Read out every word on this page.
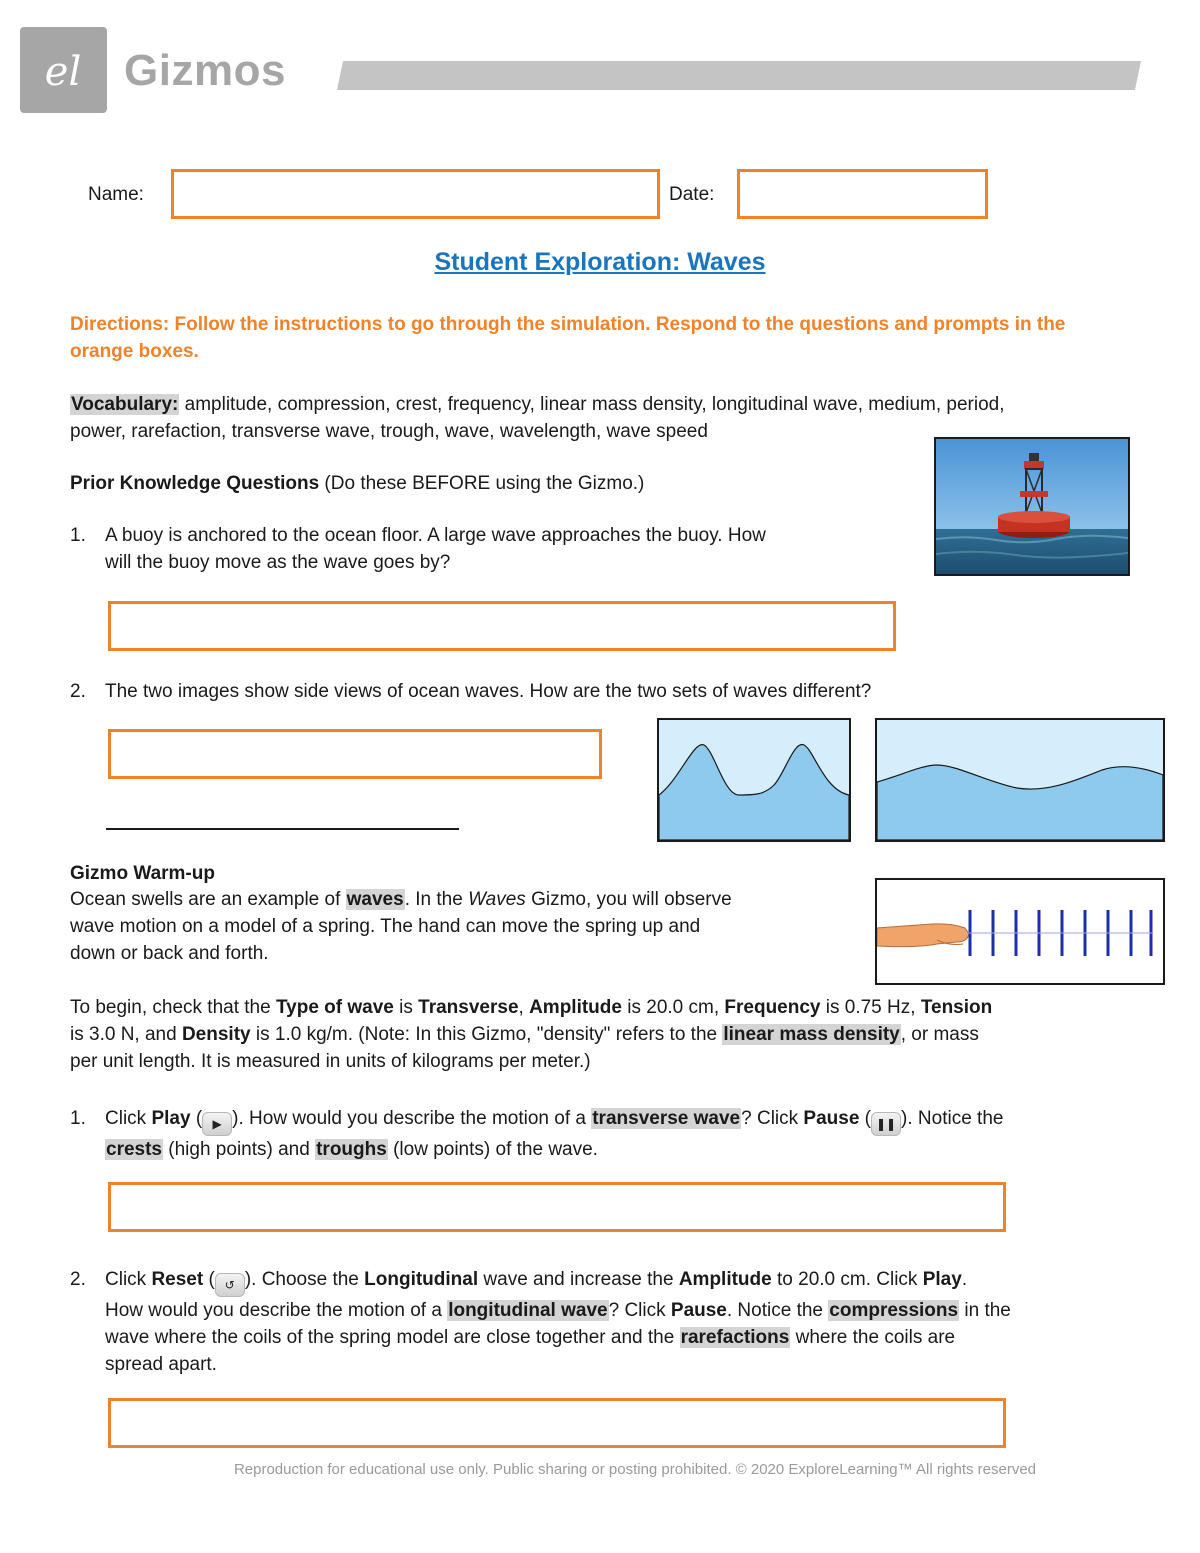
el Gizmos
Name:	Date:
Student Exploration: Waves
Directions: Follow the instructions to go through the simulation. Respond to the questions and prompts in the orange boxes.
Vocabulary: amplitude, compression, crest, frequency, linear mass density, longitudinal wave, medium, period,
power, rarefaction, transverse wave, trough, wave, wavelength, wave speed
Prior Knowledge Questions (Do these BEFORE using the Gizmo.)
1. A buoy is anchored to the ocean floor. A large wave approaches the buoy. How
will the buoy move as the wave goes by?
2. The two images show side views of ocean waves. How are the two sets of waves different?
Gizmo Warm-up
Ocean swells are an example of waves. In the Waves Gizmo, you will observe
wave motion on a model of a spring. The hand can move the spring up and
down or back and forth.
To begin, check that the Type of wave is Transverse, Amplitude is 20.0 cm, Frequency is 0.75 Hz, Tension
is 3.0 N, and Density is 1.0 kg/m. (Note: In this Gizmo, "density" refers to the linear mass density, or mass
per unit length. It is measured in units of kilograms per meter.)
1. Click Play ( ▶ ). How would you describe the motion of a transverse wave? Click Pause ( ❚❚ ). Notice the
crests (high points) and troughs (low points) of the wave.
2. Click Reset ( ↺ ). Choose the Longitudinal wave and increase the Amplitude to 20.0 cm. Click Play.
How would you describe the motion of a longitudinal wave? Click Pause. Notice the compressions in the
wave where the coils of the spring model are close together and the rarefactions where the coils are
spread apart.
Reproduction for educational use only. Public sharing or posting prohibited. © 2020 ExploreLearning™ All rights reserved
